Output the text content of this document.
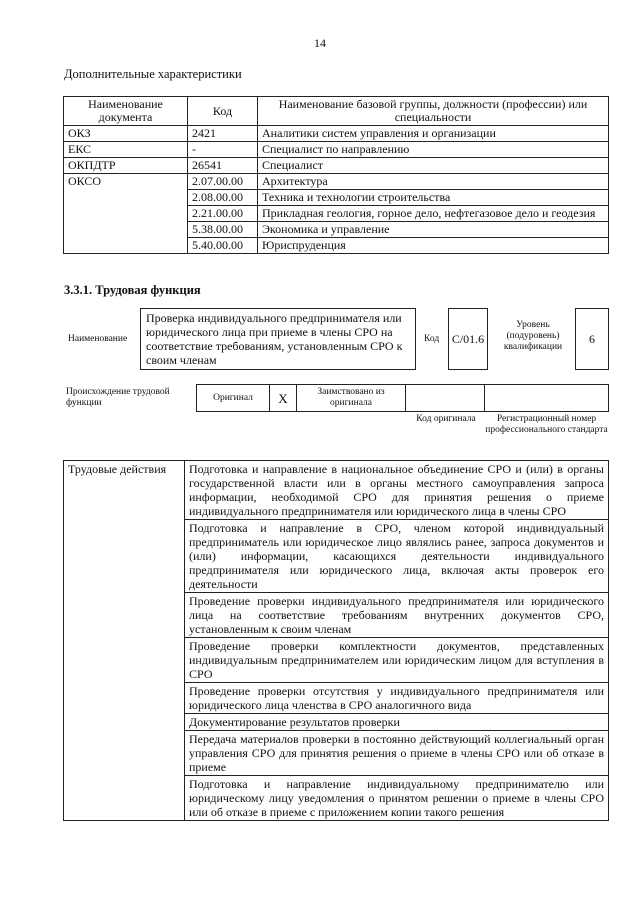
14
Дополнительные характеристики
Наименование документа	Код	Наименование базовой группы, должности (профессии) или специальности
ОКЗ	2421	Аналитики систем управления и организации
ЕКС	-	Специалист по направлению
ОКПДТР	26541	Специалист
ОКСО	2.07.00.00	Архитектура
	2.08.00.00	Техника и технологии строительства
	2.21.00.00	Прикладная геология, горное дело, нефтегазовое дело и геодезия
	5.38.00.00	Экономика и управление
	5.40.00.00	Юриспруденция
3.3.1. Трудовая функция
Наименование
Проверка индивидуального предпринимателя или юридического лица при приеме в члены СРО на соответствие требованиям, установленным СРО к своим членам
Код	С/01.6
Уровень (подуровень) квалификации
6
Происхождение трудовой функции
Оригинал	X	Заимствовано из оригинала
Код оригинала	Регистрационный номер профессионального стандарта
Трудовые действия	Подготовка и направление в национальное объединение СРО и (или) в органы государственной власти или в органы местного самоуправления запроса информации, необходимой СРО для принятия решения о приеме индивидуального предпринимателя или юридического лица в члены СРО
Подготовка и направление в СРО, членом которой индивидуальный предприниматель или юридическое лицо являлись ранее, запроса документов и (или) информации, касающихся деятельности индивидуального предпринимателя или юридического лица, включая акты проверок его деятельности
Проведение проверки индивидуального предпринимателя или юридического лица на соответствие требованиям внутренних документов СРО, установленным к своим членам
Проведение проверки комплектности документов, представленных индивидуальным предпринимателем или юридическим лицом для вступления в СРО
Проведение проверки отсутствия у индивидуального предпринимателя или юридического лица членства в СРО аналогичного вида
Документирование результатов проверки
Передача материалов проверки в постоянно действующий коллегиальный орган управления СРО для принятия решения о приеме в члены СРО или об отказе в приеме
Подготовка и направление индивидуальному предпринимателю или юридическому лицу уведомления о принятом решении о приеме в члены СРО или об отказе в приеме с приложением копии такого решения
